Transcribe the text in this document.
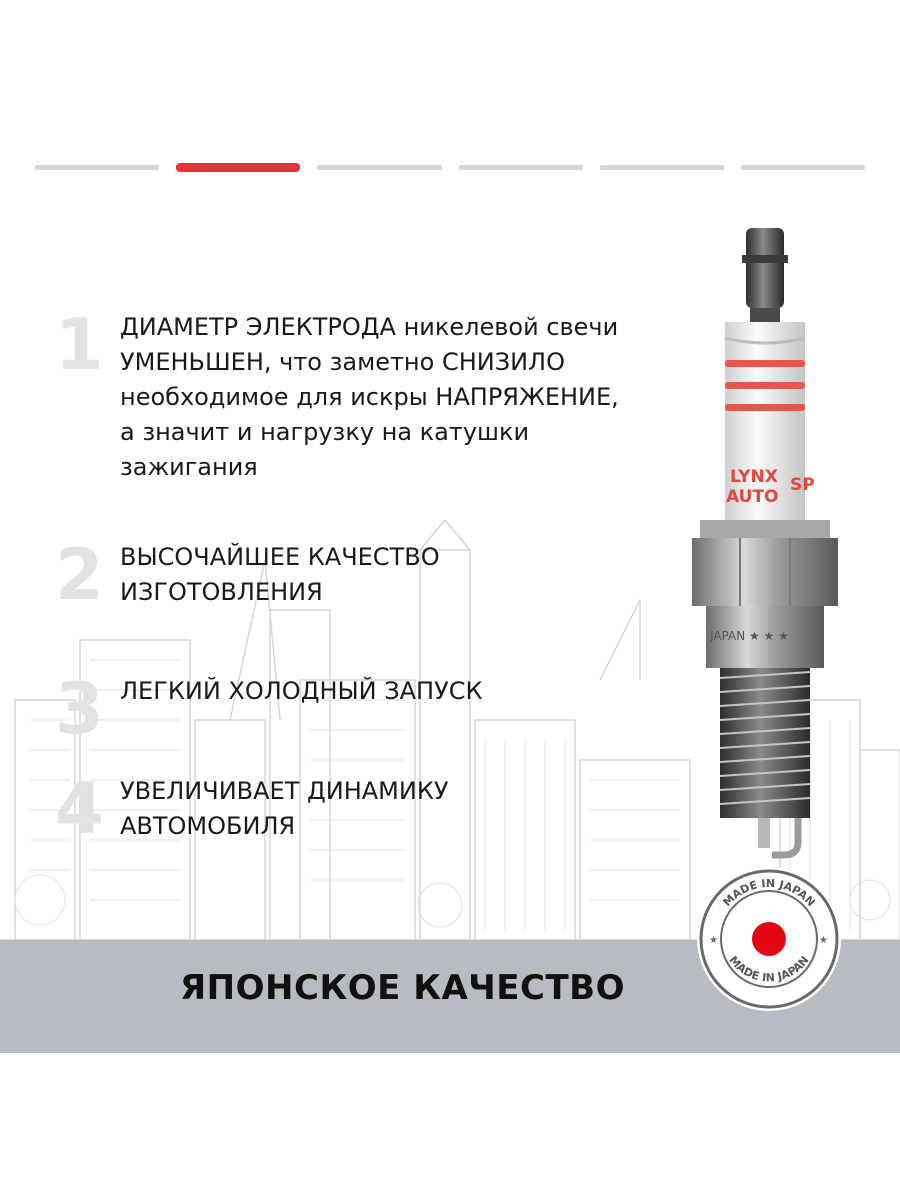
1 ДИАМЕТР ЭЛЕКТРОДА никелевой свечи
УМЕНЬШЕН, что заметно СНИЗИЛО
необходимое для искры НАПРЯЖЕНИЕ,
а значит и нагрузку на катушки
зажигания
2 ВЫСОЧАЙШЕЕ КАЧЕСТВО
ИЗГОТОВЛЕНИЯ
3 ЛЕГКИЙ ХОЛОДНЫЙ ЗАПУСК
4 УВЕЛИЧИВАЕТ ДИНАМИКУ
АВТОМОБИЛЯ
ЯПОНСКОЕ КАЧЕСТВО
LYNX
AUTO
SP
JAPAN ★ ★ ★
MADE IN JAPAN
MADE IN JAPAN
★	★
